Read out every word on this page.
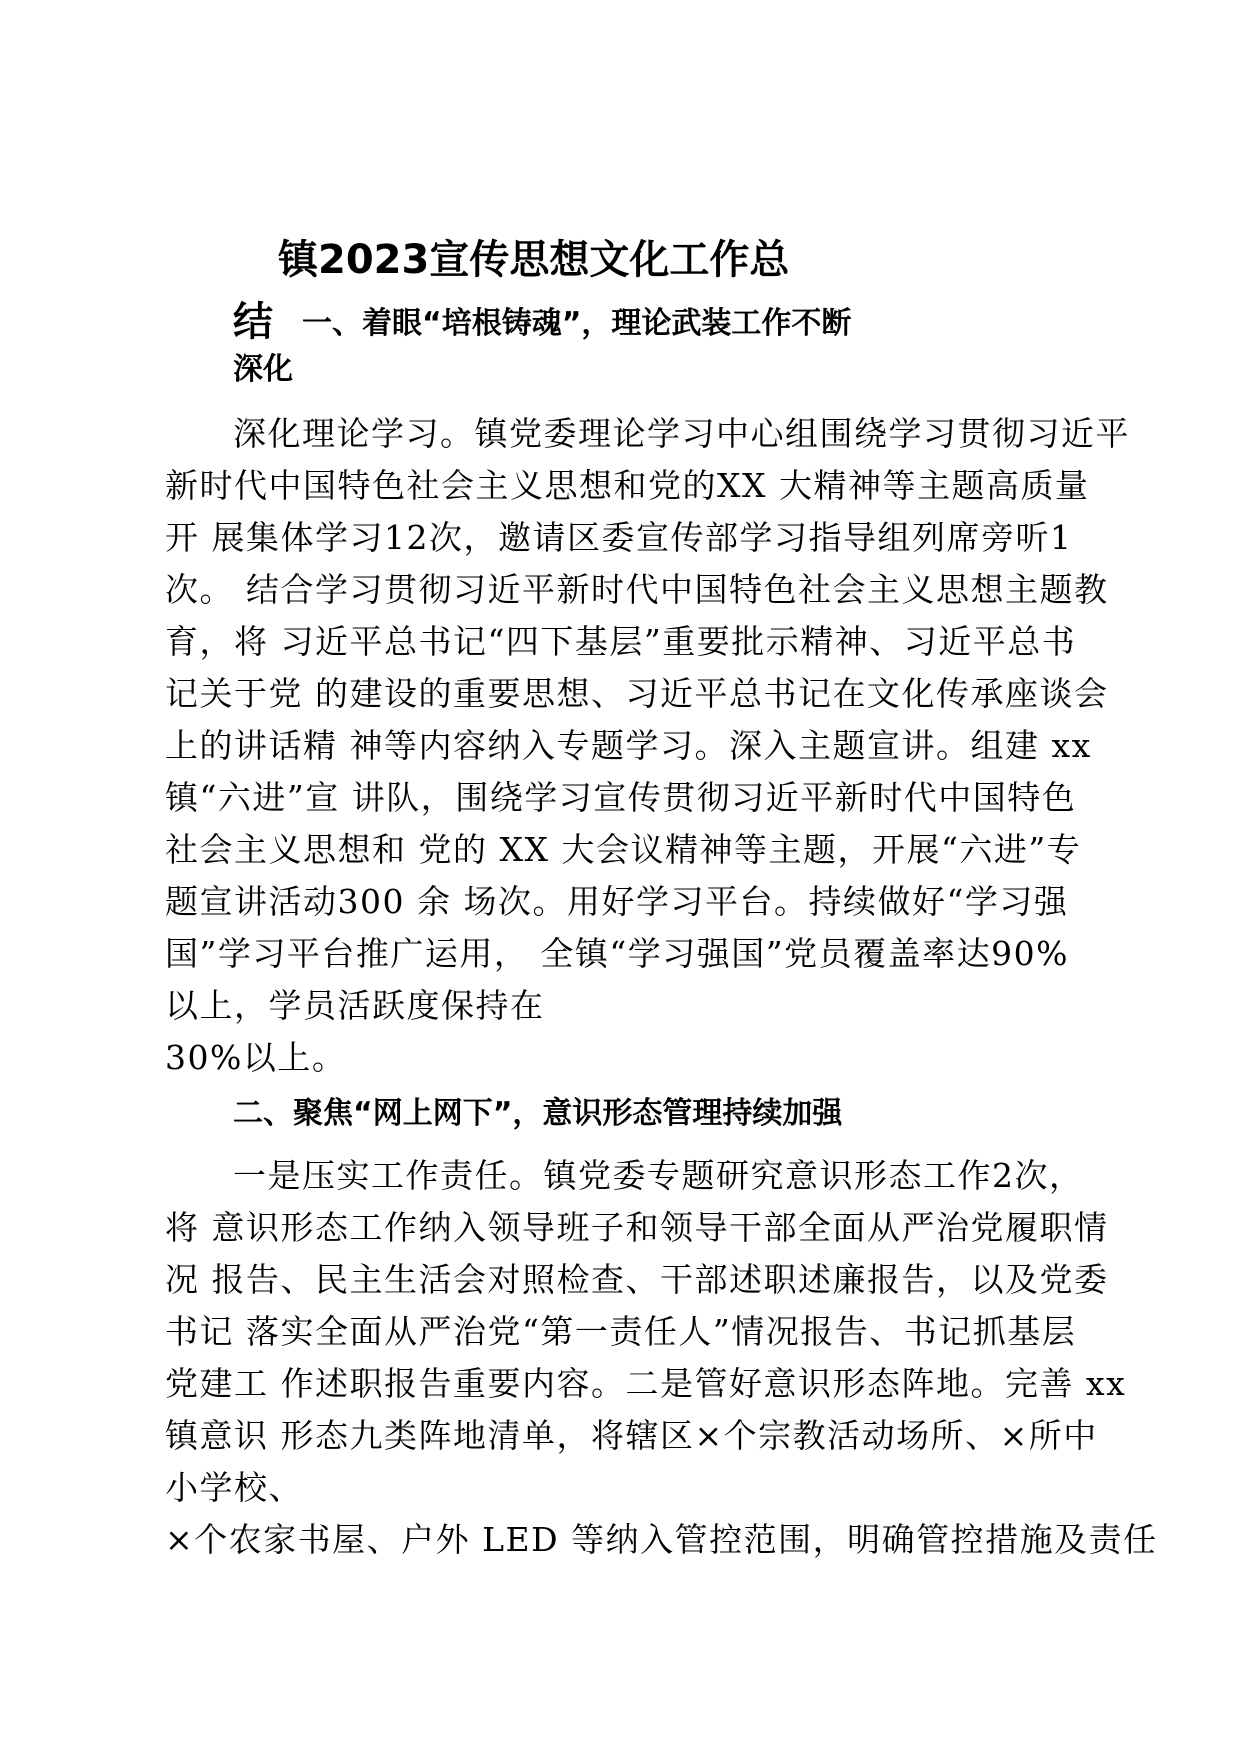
镇2023宣传思想文化工作总
结 一、着眼“培根铸魂”，理论武装工作不断
深化
深化理论学习。镇党委理论学习中心组围绕学习贯彻习近平
新时代中国特色社会主义思想和党的XX 大精神等主题高质量
开 展集体学习12次，邀请区委宣传部学习指导组列席旁听1
次。 结合学习贯彻习近平新时代中国特色社会主义思想主题教
育，将 习近平总书记“四下基层”重要批示精神、习近平总书
记关于党 的建设的重要思想、习近平总书记在文化传承座谈会
上的讲话精 神等内容纳入专题学习。深入主题宣讲。组建 xx
镇“六进”宣 讲队，围绕学习宣传贯彻习近平新时代中国特色
社会主义思想和 党的 XX 大会议精神等主题，开展“六进”专
题宣讲活动300 余 场次。用好学习平台。持续做好“学习强
国”学习平台推广运用， 全镇“学习强国”党员覆盖率达90%
以上，学员活跃度保持在
30%以上。
二、聚焦“网上网下”，意识形态管理持续加强
一是压实工作责任。镇党委专题研究意识形态工作2次，
将 意识形态工作纳入领导班子和领导干部全面从严治党履职情
况 报告、民主生活会对照检查、干部述职述廉报告，以及党委
书记 落实全面从严治党“第一责任人”情况报告、书记抓基层
党建工 作述职报告重要内容。二是管好意识形态阵地。完善 xx
镇意识 形态九类阵地清单，将辖区×个宗教活动场所、×所中
小学校、
×个农家书屋、户外 LED 等纳入管控范围，明确管控措施及责任
